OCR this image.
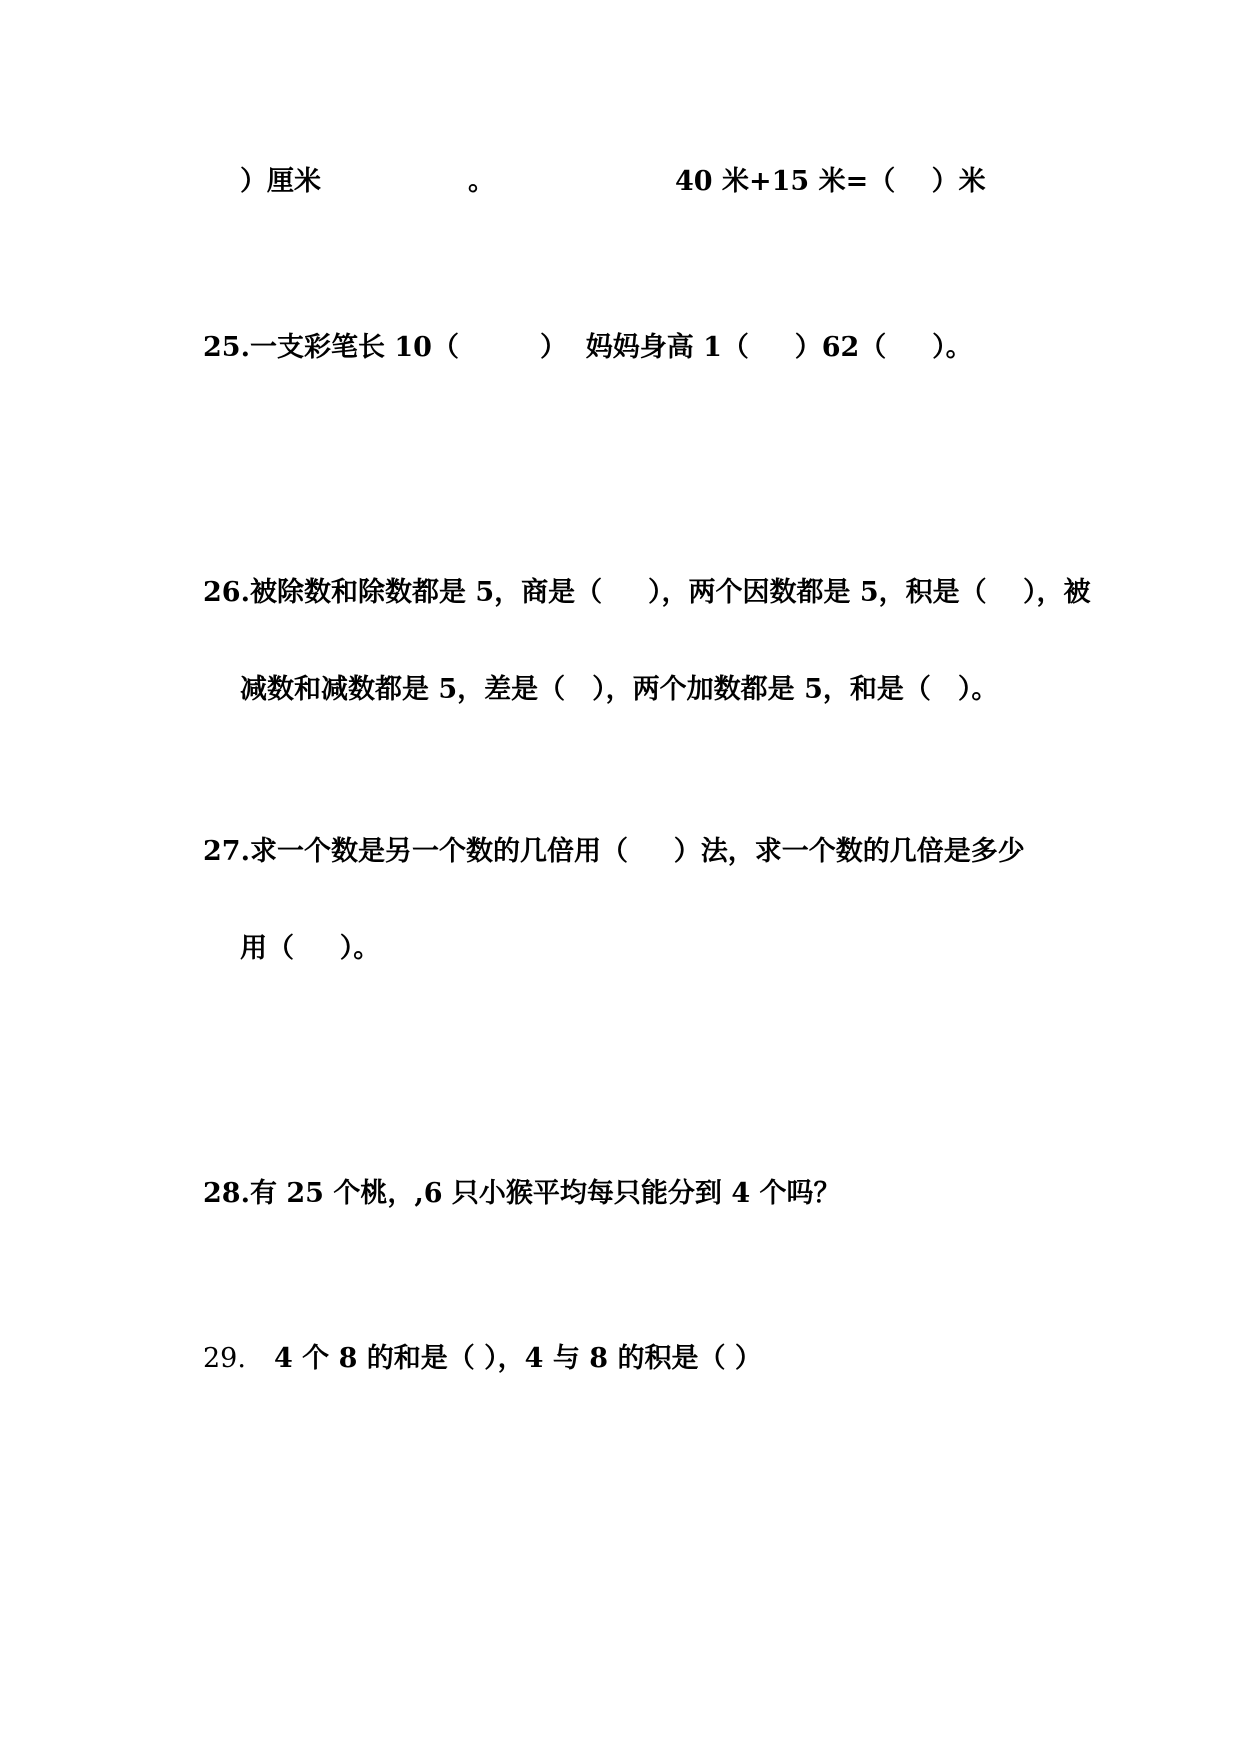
）厘米	。	40 米+15 米=（　 ）米
25.一支彩笔长 10（　　　）  妈妈身高 1（　  ）62（　  ）。
26.被除数和除数都是 5，商是（　  ），两个因数都是 5，积是（　 ），被
减数和减数都是 5，差是（　），两个加数都是 5，和是（　）。
27.求一个数是另一个数的几倍用（　  ）法，求一个数的几倍是多少
用（　  ）。
28.有 25 个桃，,6 只小猴平均每只能分到 4 个吗？
29. 4 个 8 的和是（ ），4 与 8 的积是（ ）
